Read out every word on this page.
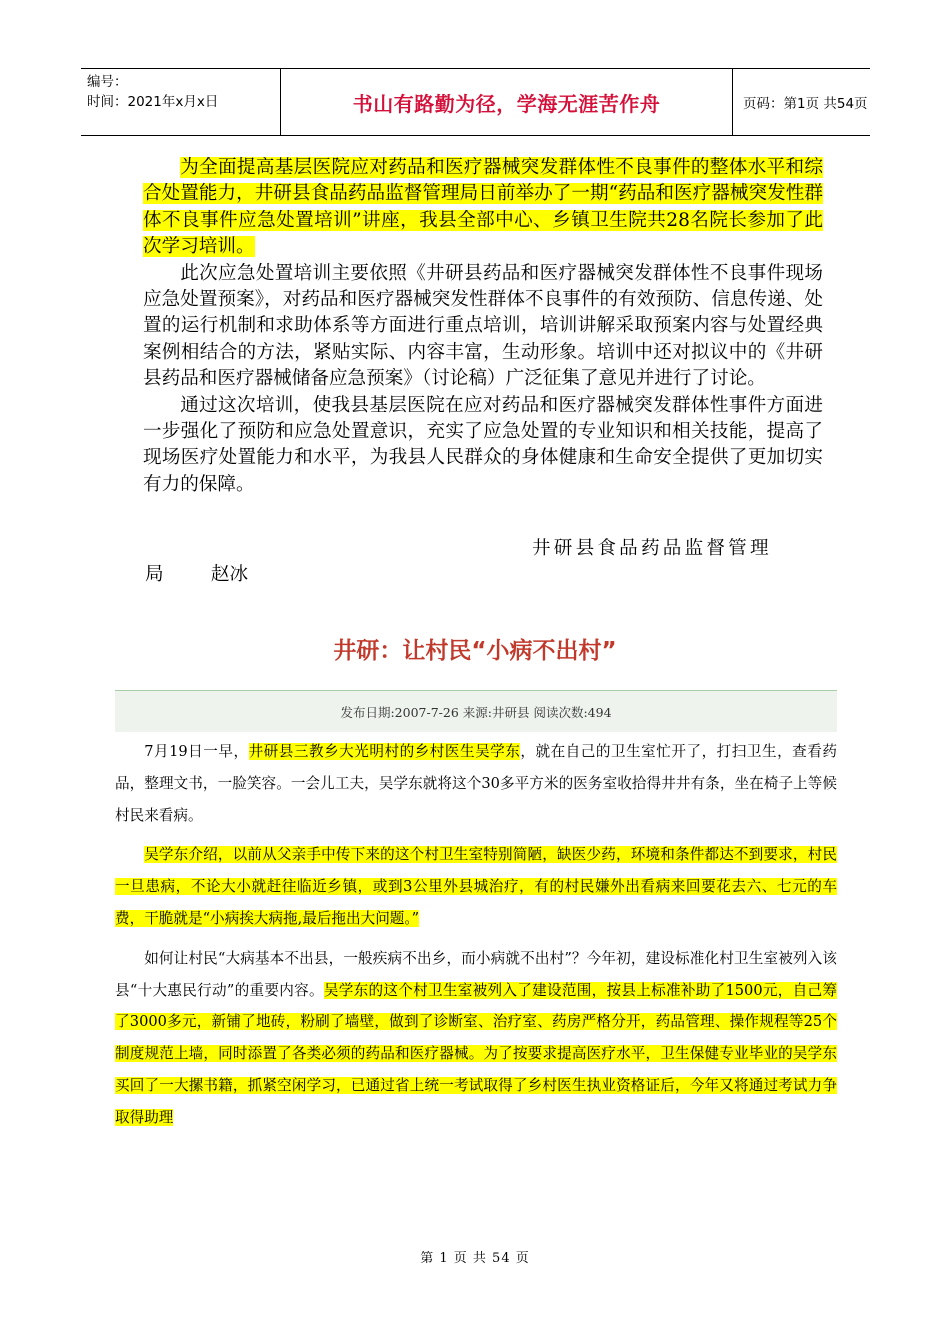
编号：
时间：2021年x月x日	书山有路勤为径，学海无涯苦作舟	页码：第1页 共54页

为全面提高基层医院应对药品和医疗器械突发群体性不良事件的整体水平和综合处置能力，井研县食品药品监督管理局日前举办了一期“药品和医疗器械突发性群体不良事件应急处置培训”讲座，我县全部中心、乡镇卫生院共28名院长参加了此次学习培训。

此次应急处置培训主要依照《井研县药品和医疗器械突发群体性不良事件现场应急处置预案》，对药品和医疗器械突发性群体不良事件的有效预防、信息传递、处置的运行机制和求助体系等方面进行重点培训，培训讲解采取预案内容与处置经典案例相结合的方法，紧贴实际、内容丰富，生动形象。培训中还对拟议中的《井研县药品和医疗器械储备应急预案》（讨论稿）广泛征集了意见并进行了讨论。

通过这次培训，使我县基层医院在应对药品和医疗器械突发群体性事件方面进一步强化了预防和应急处置意识，充实了应急处置的专业知识和相关技能，提高了现场医疗处置能力和水平，为我县人民群众的身体健康和生命安全提供了更加切实有力的保障。

井研县食品药品监督管理
局        赵冰
井研：让村民“小病不出村”
发布日期:2007-7-26 来源:井研县 阅读次数:494

7月19日一早，井研县三教乡大光明村的乡村医生吴学东，就在自己的卫生室忙开了，打扫卫生，查看药品，整理文书，一脸笑容。一会儿工夫，吴学东就将这个30多平方米的医务室收拾得井井有条，坐在椅子上等候村民来看病。

吴学东介绍，以前从父亲手中传下来的这个村卫生室特别简陋，缺医少药，环境和条件都达不到要求，村民一旦患病，不论大小就赶往临近乡镇，或到3公里外县城治疗，有的村民嫌外出看病来回要花去六、七元的车费，干脆就是“小病挨大病拖,最后拖出大问题。”

如何让村民“大病基本不出县，一般疾病不出乡，而小病就不出村”？今年初，建设标准化村卫生室被列入该县“十大惠民行动”的重要内容。吴学东的这个村卫生室被列入了建设范围，按县上标准补助了1500元，自己筹了3000多元，新铺了地砖，粉刷了墙壁，做到了诊断室、治疗室、药房严格分开，药品管理、操作规程等25个制度规范上墙，同时添置了各类必须的药品和医疗器械。为了按要求提高医疗水平，卫生保健专业毕业的吴学东买回了一大摞书籍，抓紧空闲学习，已通过省上统一考试取得了乡村医生执业资格证后，今年又将通过考试力争取得助理

第 1 页 共 54 页
